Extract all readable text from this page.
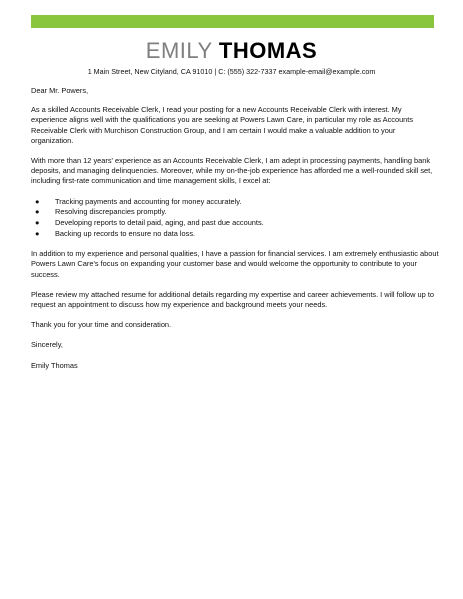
EMILY THOMAS
1 Main Street, New Cityland, CA 91010 | C: (555) 322-7337 example-email@example.com

Dear Mr. Powers,

As a skilled Accounts Receivable Clerk, I read your posting for a new Accounts Receivable Clerk with interest. My experience aligns well with the qualifications you are seeking at Powers Lawn Care, in particular my role as Accounts Receivable Clerk with Murchison Construction Group, and I am certain I would make a valuable addition to your organization.

With more than 12 years' experience as an Accounts Receivable Clerk, I am adept in processing payments, handling bank deposits, and managing delinquencies. Moreover, while my on-the-job experience has afforded me a well-rounded skill set, including first-rate communication and time management skills, I excel at:

● Tracking payments and accounting for money accurately.
● Resolving discrepancies promptly.
● Developing reports to detail paid, aging, and past due accounts.
● Backing up records to ensure no data loss.

In addition to my experience and personal qualities, I have a passion for financial services. I am extremely enthusiastic about Powers Lawn Care's focus on expanding your customer base and would welcome the opportunity to contribute to your success.

Please review my attached resume for additional details regarding my expertise and career achievements. I will follow up to request an appointment to discuss how my experience and background meets your needs.

Thank you for your time and consideration.

Sincerely,

Emily Thomas
